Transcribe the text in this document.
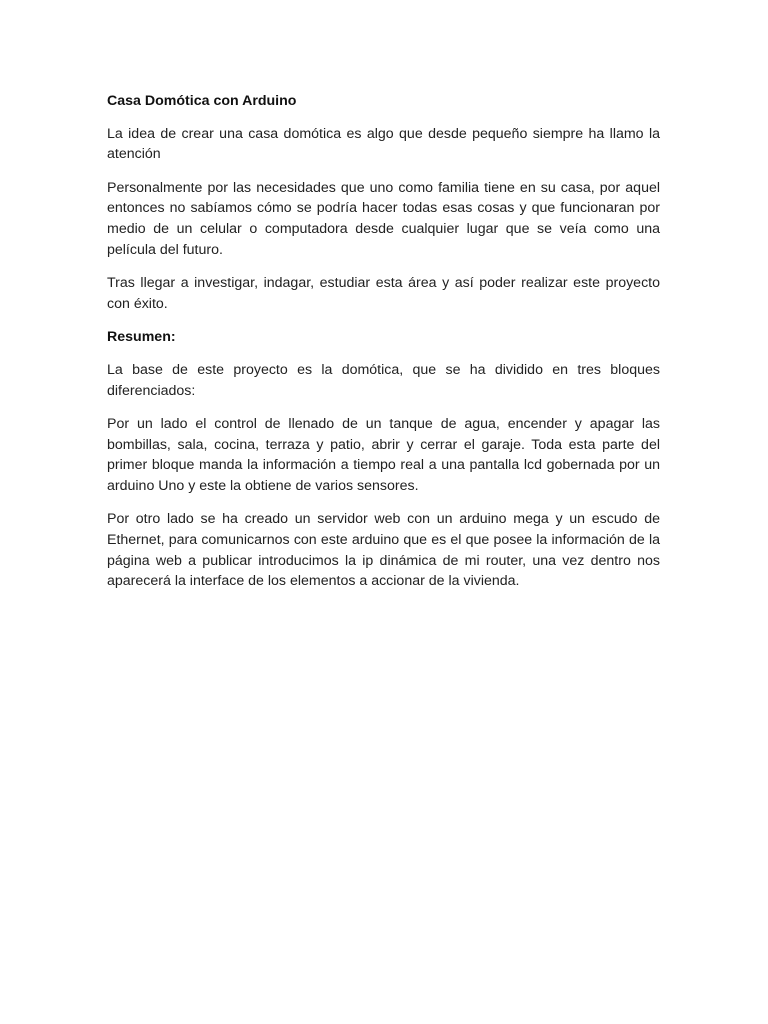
Casa Domótica con Arduino

La idea de crear una casa domótica es algo que desde pequeño siempre ha llamo la atención

Personalmente por las necesidades que uno como familia tiene en su casa, por aquel entonces no sabíamos cómo se podría hacer todas esas cosas y que funcionaran por medio de un celular o computadora desde cualquier lugar que se veía como una película del futuro.

Tras llegar a investigar, indagar, estudiar esta área y así poder realizar este proyecto con éxito.

Resumen:

La base de este proyecto es la domótica, que se ha dividido en tres bloques diferenciados:

Por un lado el control de llenado de un tanque de agua, encender y apagar las bombillas, sala, cocina, terraza y patio, abrir y cerrar el garaje. Toda esta parte del primer bloque manda la información a tiempo real a una pantalla lcd gobernada por un arduino Uno y este la obtiene de varios sensores.

Por otro lado se ha creado un servidor web con un arduino mega y un escudo de Ethernet, para comunicarnos con este arduino que es el que posee la información de la página web a publicar introducimos la ip dinámica de mi router, una vez dentro nos aparecerá la interface de los elementos a accionar de la vivienda.
